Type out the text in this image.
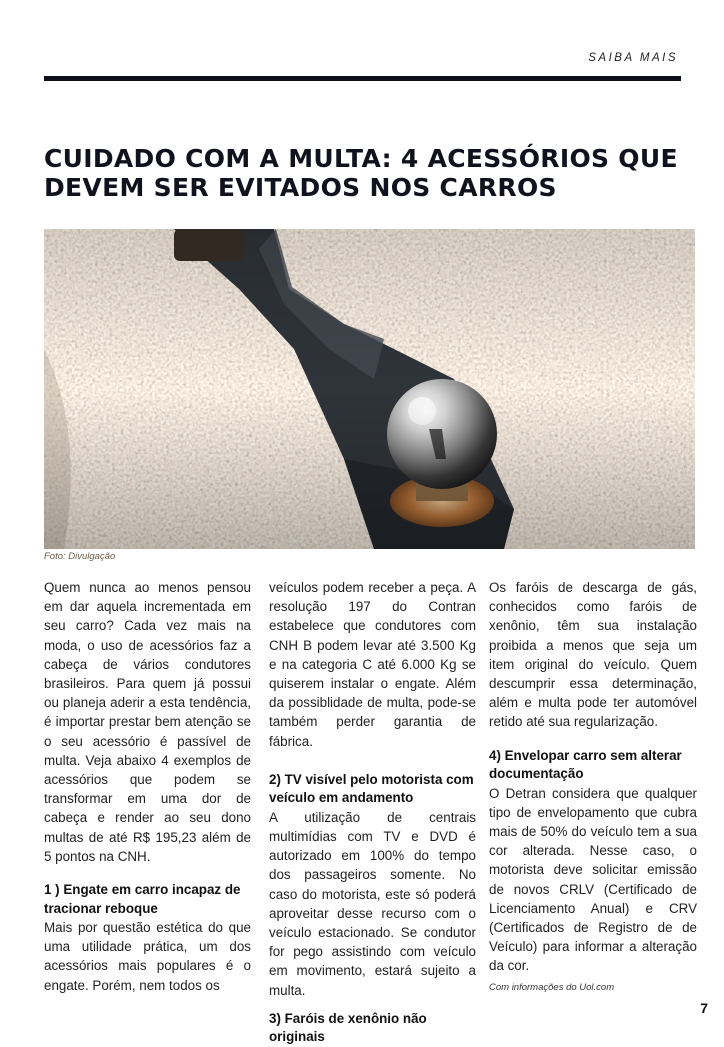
SAIBA MAIS
CUIDADO COM A MULTA: 4 ACESSÓRIOS QUE DEVEM SER EVITADOS NOS CARROS
Foto: Divulgação

Quem nunca ao menos pensou em dar aquela incrementada em seu carro? Cada vez mais na moda, o uso de acessórios faz a cabeça de vários condutores brasileiros. Para quem já possui ou planeja aderir a esta tendência, é importar prestar bem atenção se o seu acessório é passível de multa. Veja abaixo 4 exemplos de acessórios que podem se transformar em uma dor de cabeça e render ao seu dono multas de até R$ 195,23 além de 5 pontos na CNH.

1 ) Engate em carro incapaz de tracionar reboque

Mais por questão estética do que uma utilidade prática, um dos acessórios mais populares é o engate. Porém, nem todos os

veículos podem receber a peça. A resolução 197 do Contran estabelece que condutores com CNH B podem levar até 3.500 Kg e na categoria C até 6.000 Kg se quiserem instalar o engate. Além da possiblidade de multa, pode-se também perder garantia de fábrica.

2) TV visível pelo motorista com veículo em andamento

A utilização de centrais multimídias com TV e DVD é autorizado em 100% do tempo dos passageiros somente. No caso do motorista, este só poderá aproveitar desse recurso com o veículo estacionado. Se condutor for pego assistindo com veículo em movimento, estará sujeito a multa.

3) Faróis de xenônio não originais

Os faróis de descarga de gás, conhecidos como faróis de xenônio, têm sua instalação proibida a menos que seja um item original do veículo. Quem descumprir essa determinação, além e multa pode ter automóvel retido até sua regularização.

4) Envelopar carro sem alterar documentação

O Detran considera que qualquer tipo de envelopamento que cubra mais de 50% do veículo tem a sua cor alterada. Nesse caso, o motorista deve solicitar emissão de novos CRLV (Certificado de Licenciamento Anual) e CRV (Certificados de Registro de de Veículo) para informar a alteração da cor.

Com informações do Uol.com
7
